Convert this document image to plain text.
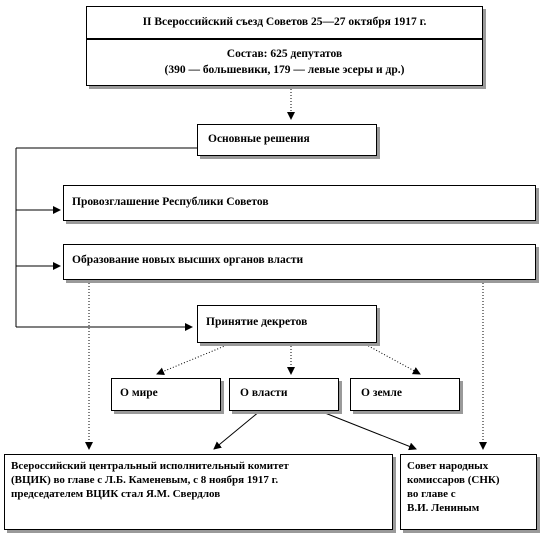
II Всероссийский съезд Советов 25—27 октября 1917 г.
Состав: 625 депутатов
(390 — большевики, 179 — левые эсеры и др.)
Основные решения
Провозглашение Республики Советов
Образование новых высших органов власти
Принятие декретов
О мире	О власти	О земле
Всероссийский центральный исполнительный комитет
(ВЦИК) во главе с Л.Б. Каменевым, с 8 ноября 1917 г.
председателем ВЦИК стал Я.М. Свердлов
Совет народных
комиссаров (СНК)
во главе с
В.И. Лениным
